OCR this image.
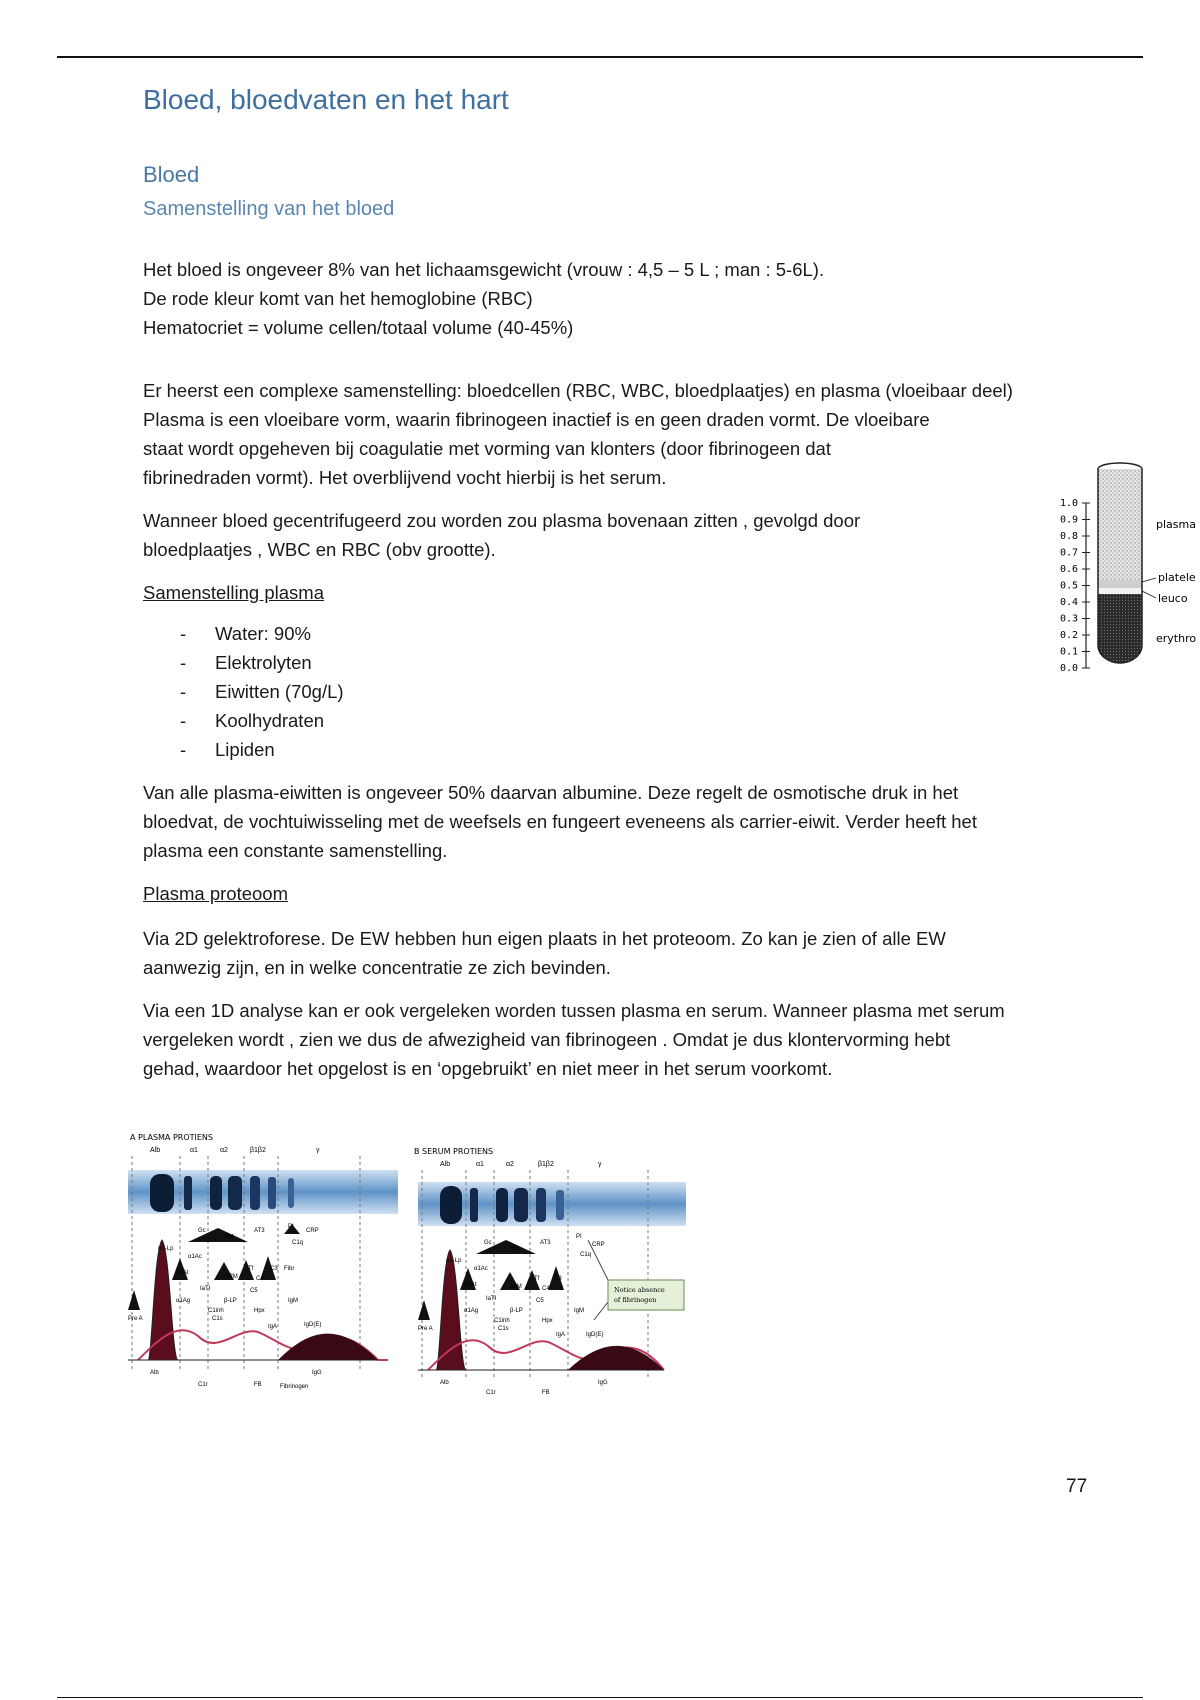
Bloed, bloedvaten en het hart
Bloed
Samenstelling van het bloed

Het bloed is ongeveer 8% van het lichaamsgewicht (vrouw : 4,5 – 5 L ; man : 5-6L).

De rode kleur komt van het hemoglobine (RBC)

Hematocriet = volume cellen/totaal volume (40-45%)

Er heerst een complexe samenstelling: bloedcellen (RBC, WBC, bloedplaatjes) en plasma (vloeibaar deel)

Plasma is een vloeibare vorm, waarin fibrinogeen inactief is en geen draden vormt. De vloeibare

staat wordt opgeheven bij coagulatie met vorming van klonters (door fibrinogeen dat

fibrinedraden vormt). Het overblijvend vocht hierbij is het serum.

Wanneer bloed gecentrifugeerd zou worden zou plasma bovenaan zitten , gevolgd door

bloedplaatjes , WBC en RBC (obv grootte).

Samenstelling plasma
- Water: 90%
- Elektrolyten
- Eiwitten (70g/L)
- Koolhydraten
- Lipiden

Van alle plasma-eiwitten is ongeveer 50% daarvan albumine. Deze regelt de osmotische druk in het

bloedvat, de vochtuiwisseling met de weefsels en fungeert eveneens als carrier-eiwit. Verder heeft het

plasma een constante samenstelling.

Plasma proteoom

Via 2D gelektroforese. De EW hebben hun eigen plaats in het proteoom. Zo kan je zien of alle EW

aanwezig zijn, en in welke concentratie ze zich bevinden.

Via een 1D analyse kan er ook vergeleken worden tussen plasma en serum. Wanneer plasma met serum

vergeleken wordt , zien we dus de afwezigheid van fibrinogeen . Omdat je dus klontervorming hebt

gehad, waardoor het opgelost is en ‘opgebruikt’ en niet meer in het serum voorkomt.

1.0
0.9
0.8
0.7
0.6
0.5
0.4
0.3
0.2
0.1
0.0
plasma
platele
leuco
erythro
A PLASMA PROTIENS
Alb	α1	α2	β1β2	γ
Pre A
α1-Lp
Gc
Hpt
AT3
PI
CRP
C1q
α1Ac
α1At
α2M
Tf	C3 Fibr
IaTI
C4
α1Ag	β-LP	IgM
C5
C1inh	Hpx
C1s
IgA	IgD(E)
Alb
C1r	FB
IgG
Fibrinogen
B SERUM PROTIENS
Alb	α1	α2	β1β2	γ
Notice absence
of fibrinogen
Pre A
α1-Lp
Gc
Hpt
AT3
PI
CRP
C1q
α1Ac
α1At	α2M
Tf C3
IaTI
C4
α1Ag	β-LP	IgM
C5
C1inh	Hpx
C1s
IgA	IgD(E)
Alb
C1r	FB
IgG
77
